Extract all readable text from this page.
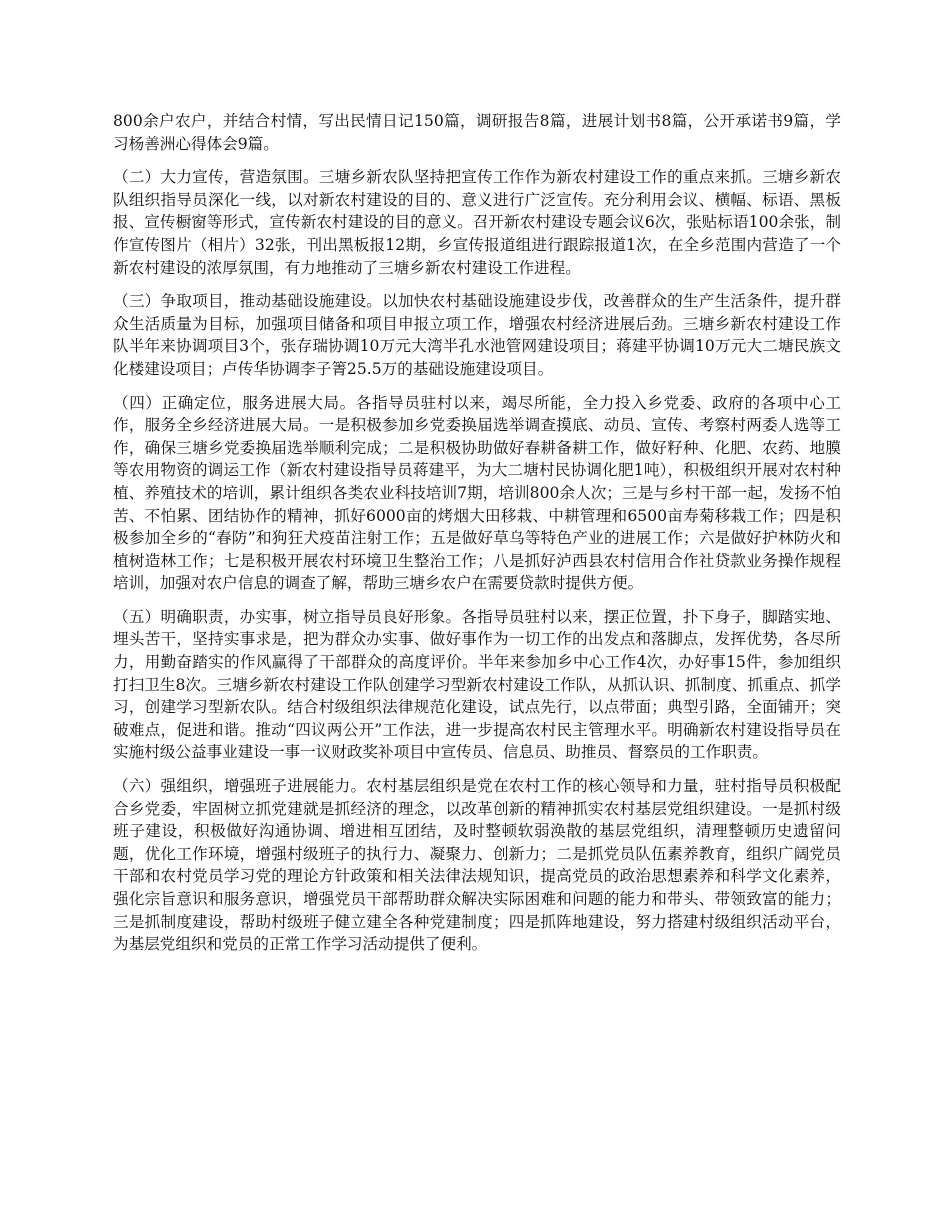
800余户农户，并结合村情，写出民情日记150篇，调研报告8篇，进展计划书8篇，公开承诺书9篇，学习杨善洲心得体会9篇。

（二）大力宣传，营造氛围。三塘乡新农队坚持把宣传工作作为新农村建设工作的重点来抓。三塘乡新农队组织指导员深化一线，以对新农村建设的目的、意义进行广泛宣传。充分利用会议、横幅、标语、黑板报、宣传橱窗等形式，宣传新农村建设的目的意义。召开新农村建设专题会议6次，张贴标语100余张，制作宣传图片（相片）32张，刊出黑板报12期，乡宣传报道组进行跟踪报道1次，在全乡范围内营造了一个新农村建设的浓厚氛围，有力地推动了三塘乡新农村建设工作进程。

（三）争取项目，推动基础设施建设。以加快农村基础设施建设步伐，改善群众的生产生活条件，提升群众生活质量为目标，加强项目储备和项目申报立项工作，增强农村经济进展后劲。三塘乡新农村建设工作队半年来协调项目3个，张存瑞协调10万元大湾半孔水池管网建设项目；蒋建平协调10万元大二塘民族文化楼建设项目；卢传华协调李子箐25.5万的基础设施建设项目。

（四）正确定位，服务进展大局。各指导员驻村以来，竭尽所能，全力投入乡党委、政府的各项中心工作，服务全乡经济进展大局。一是积极参加乡党委换届选举调查摸底、动员、宣传、考察村两委人选等工作，确保三塘乡党委换届选举顺利完成；二是积极协助做好春耕备耕工作，做好籽种、化肥、农药、地膜等农用物资的调运工作（新农村建设指导员蒋建平，为大二塘村民协调化肥1吨），积极组织开展对农村种植、养殖技术的培训，累计组织各类农业科技培训7期，培训800余人次；三是与乡村干部一起，发扬不怕苦、不怕累、团结协作的精神，抓好6000亩的烤烟大田移栽、中耕管理和6500亩寿菊移栽工作；四是积极参加全乡的“春防”和狗狂犬疫苗注射工作；五是做好草乌等特色产业的进展工作；六是做好护林防火和植树造林工作；七是积极开展农村环境卫生整治工作；八是抓好泸西县农村信用合作社贷款业务操作规程培训，加强对农户信息的调查了解，帮助三塘乡农户在需要贷款时提供方便。

（五）明确职责，办实事，树立指导员良好形象。各指导员驻村以来，摆正位置，扑下身子，脚踏实地、埋头苦干，坚持实事求是，把为群众办实事、做好事作为一切工作的出发点和落脚点，发挥优势，各尽所力，用勤奋踏实的作风赢得了干部群众的高度评价。半年来参加乡中心工作4次，办好事15件，参加组织打扫卫生8次。三塘乡新农村建设工作队创建学习型新农村建设工作队，从抓认识、抓制度、抓重点、抓学习，创建学习型新农队。结合村级组织法律规范化建设，试点先行，以点带面；典型引路，全面铺开；突破难点，促进和谐。推动“四议两公开”工作法，进一步提高农村民主管理水平。明确新农村建设指导员在实施村级公益事业建设一事一议财政奖补项目中宣传员、信息员、助推员、督察员的工作职责。

（六）强组织，增强班子进展能力。农村基层组织是党在农村工作的核心领导和力量，驻村指导员积极配合乡党委，牢固树立抓党建就是抓经济的理念，以改革创新的精神抓实农村基层党组织建设。一是抓村级班子建设，积极做好沟通协调、增进相互团结，及时整顿软弱涣散的基层党组织，清理整顿历史遗留问题，优化工作环境，增强村级班子的执行力、凝聚力、创新力；二是抓党员队伍素养教育，组织广阔党员干部和农村党员学习党的理论方针政策和相关法律法规知识，提高党员的政治思想素养和科学文化素养，强化宗旨意识和服务意识，增强党员干部帮助群众解决实际困难和问题的能力和带头、带领致富的能力；三是抓制度建设，帮助村级班子健立建全各种党建制度；四是抓阵地建设，努力搭建村级组织活动平台，为基层党组织和党员的正常工作学习活动提供了便利。
